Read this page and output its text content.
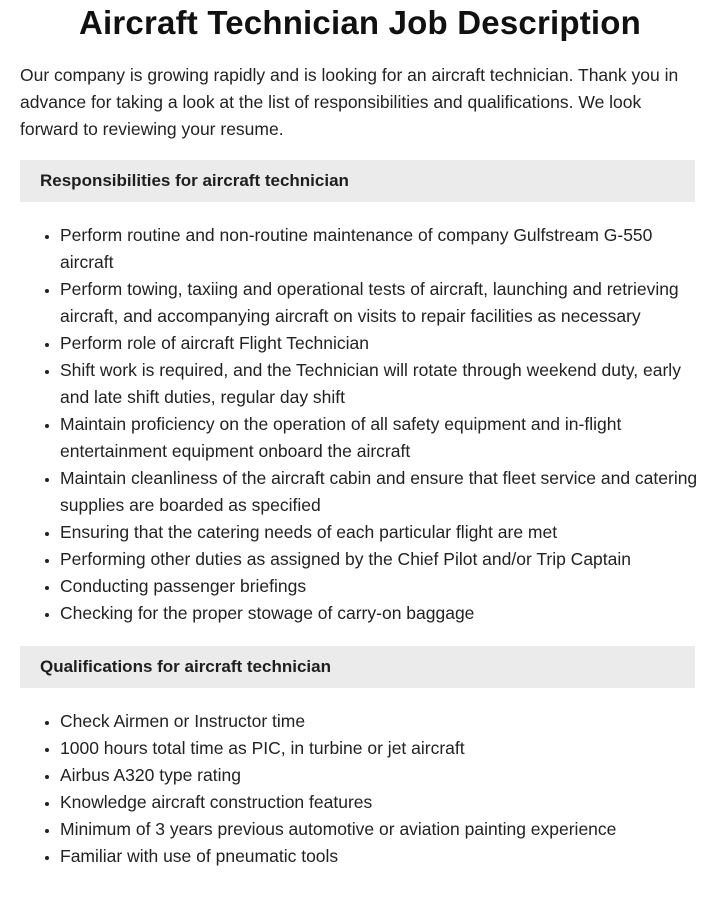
Aircraft Technician Job Description

Our company is growing rapidly and is looking for an aircraft technician. Thank you in advance for taking a look at the list of responsibilities and qualifications. We look forward to reviewing your resume.

Responsibilities for aircraft technician
• Perform routine and non-routine maintenance of company Gulfstream G-550 aircraft
• Perform towing, taxiing and operational tests of aircraft, launching and retrieving aircraft, and accompanying aircraft on visits to repair facilities as necessary
• Perform role of aircraft Flight Technician
• Shift work is required, and the Technician will rotate through weekend duty, early and late shift duties, regular day shift
• Maintain proficiency on the operation of all safety equipment and in-flight entertainment equipment onboard the aircraft
• Maintain cleanliness of the aircraft cabin and ensure that fleet service and catering supplies are boarded as specified
• Ensuring that the catering needs of each particular flight are met
• Performing other duties as assigned by the Chief Pilot and/or Trip Captain
• Conducting passenger briefings
• Checking for the proper stowage of carry-on baggage
Qualifications for aircraft technician
• Check Airmen or Instructor time
• 1000 hours total time as PIC, in turbine or jet aircraft
• Airbus A320 type rating
• Knowledge aircraft construction features
• Minimum of 3 years previous automotive or aviation painting experience
• Familiar with use of pneumatic tools
